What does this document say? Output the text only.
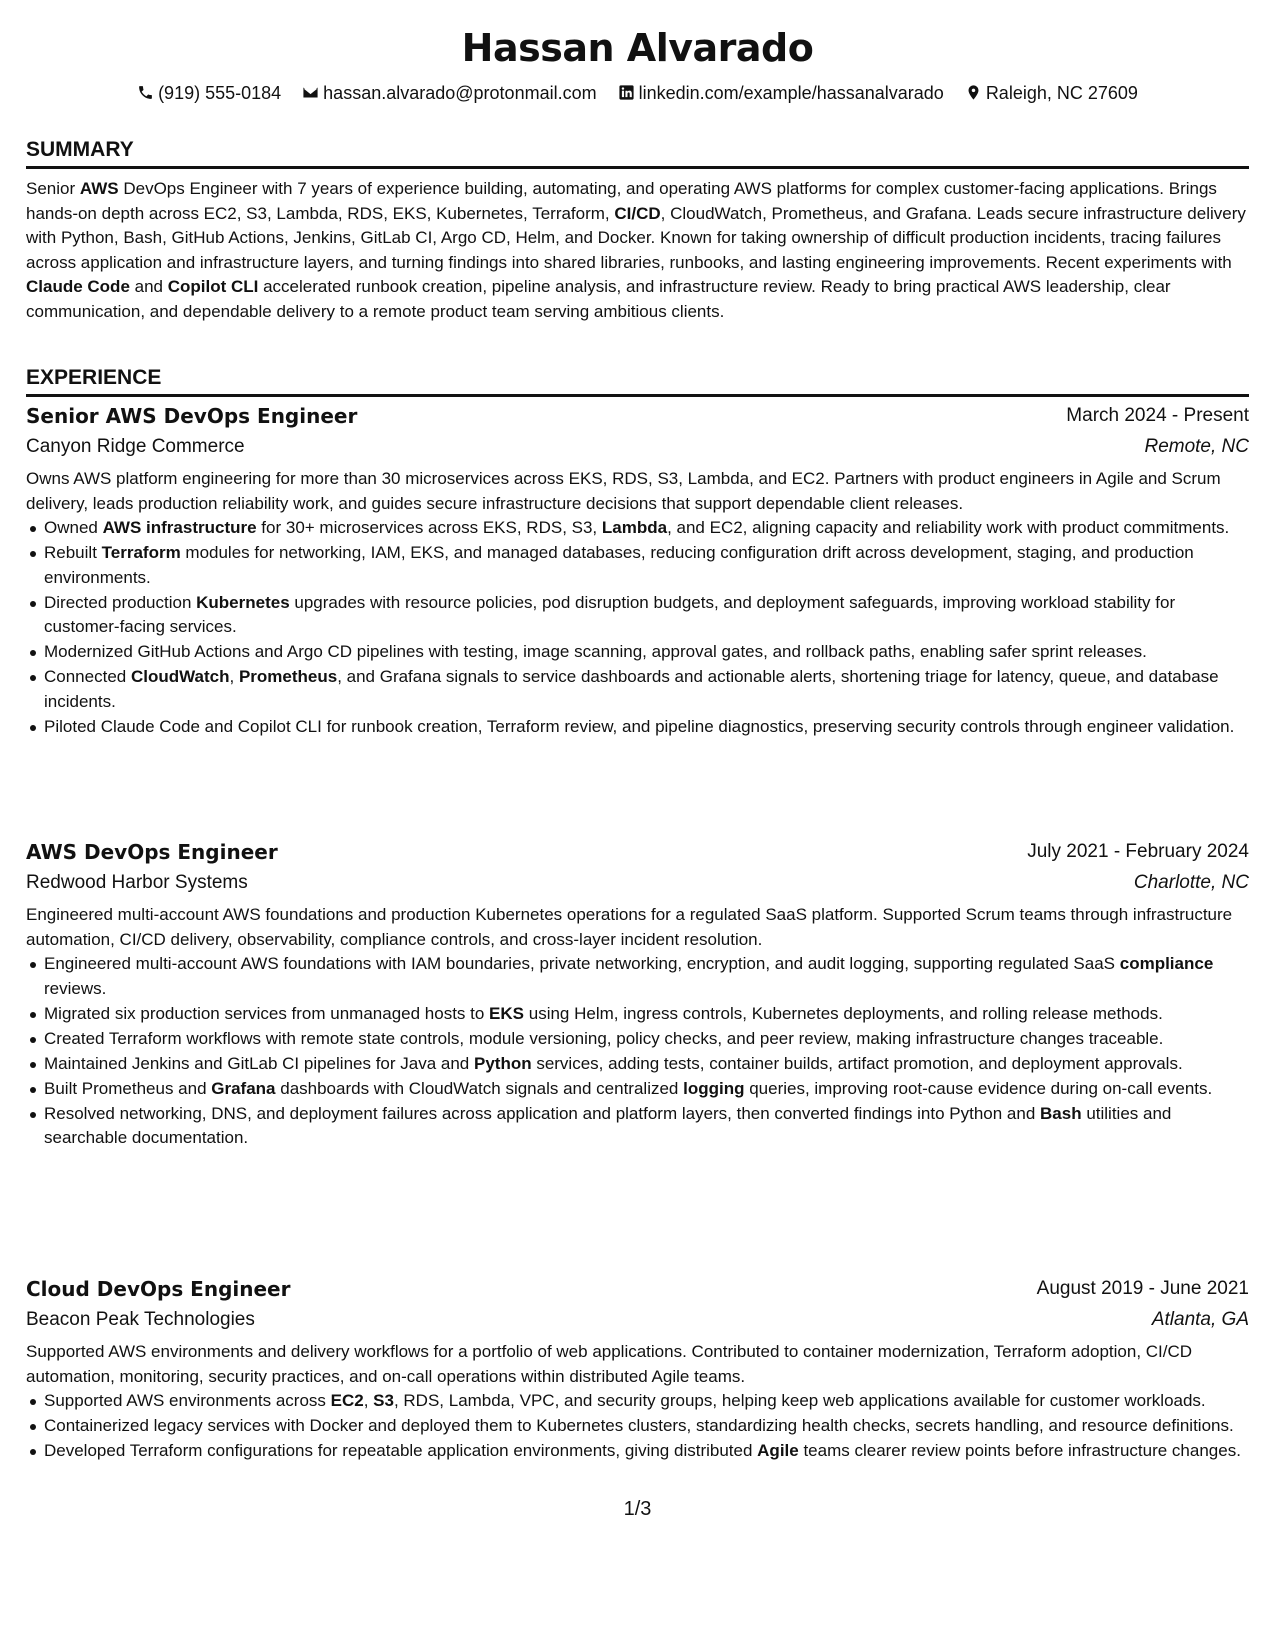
Hassan Alvarado
(919) 555-0184 hassan.alvarado@protonmail.com linkedin.com/example/hassanalvarado Raleigh, NC 27609
SUMMARY
Senior AWS DevOps Engineer with 7 years of experience building, automating, and operating AWS platforms for complex customer-facing applications. Brings hands-on depth across EC2, S3, Lambda, RDS, EKS, Kubernetes, Terraform, CI/CD, CloudWatch, Prometheus, and Grafana. Leads secure infrastructure delivery with Python, Bash, GitHub Actions, Jenkins, GitLab CI, Argo CD, Helm, and Docker. Known for taking ownership of difficult production incidents, tracing failures across application and infrastructure layers, and turning findings into shared libraries, runbooks, and lasting engineering improvements. Recent experiments with Claude Code and Copilot CLI accelerated runbook creation, pipeline analysis, and infrastructure review. Ready to bring practical AWS leadership, clear communication, and dependable delivery to a remote product team serving ambitious clients.
EXPERIENCE
Senior AWS DevOps Engineer	March 2024 - Present
Canyon Ridge Commerce	Remote, NC
Owns AWS platform engineering for more than 30 microservices across EKS, RDS, S3, Lambda, and EC2. Partners with product engineers in Agile and Scrum delivery, leads production reliability work, and guides secure infrastructure decisions that support dependable client releases.
Owned AWS infrastructure for 30+ microservices across EKS, RDS, S3, Lambda, and EC2, aligning capacity and reliability work with product commitments.
Rebuilt Terraform modules for networking, IAM, EKS, and managed databases, reducing configuration drift across development, staging, and production environments.
Directed production Kubernetes upgrades with resource policies, pod disruption budgets, and deployment safeguards, improving workload stability for customer-facing services.
Modernized GitHub Actions and Argo CD pipelines with testing, image scanning, approval gates, and rollback paths, enabling safer sprint releases.
Connected CloudWatch, Prometheus, and Grafana signals to service dashboards and actionable alerts, shortening triage for latency, queue, and database incidents.
Piloted Claude Code and Copilot CLI for runbook creation, Terraform review, and pipeline diagnostics, preserving security controls through engineer validation.
AWS DevOps Engineer	July 2021 - February 2024
Redwood Harbor Systems	Charlotte, NC
Engineered multi-account AWS foundations and production Kubernetes operations for a regulated SaaS platform. Supported Scrum teams through infrastructure automation, CI/CD delivery, observability, compliance controls, and cross-layer incident resolution.
Engineered multi-account AWS foundations with IAM boundaries, private networking, encryption, and audit logging, supporting regulated SaaS compliance reviews.
Migrated six production services from unmanaged hosts to EKS using Helm, ingress controls, Kubernetes deployments, and rolling release methods.
Created Terraform workflows with remote state controls, module versioning, policy checks, and peer review, making infrastructure changes traceable.
Maintained Jenkins and GitLab CI pipelines for Java and Python services, adding tests, container builds, artifact promotion, and deployment approvals.
Built Prometheus and Grafana dashboards with CloudWatch signals and centralized logging queries, improving root-cause evidence during on-call events.
Resolved networking, DNS, and deployment failures across application and platform layers, then converted findings into Python and Bash utilities and searchable documentation.
Cloud DevOps Engineer	August 2019 - June 2021
Beacon Peak Technologies	Atlanta, GA
Supported AWS environments and delivery workflows for a portfolio of web applications. Contributed to container modernization, Terraform adoption, CI/CD automation, monitoring, security practices, and on-call operations within distributed Agile teams.
Supported AWS environments across EC2, S3, RDS, Lambda, VPC, and security groups, helping keep web applications available for customer workloads.
Containerized legacy services with Docker and deployed them to Kubernetes clusters, standardizing health checks, secrets handling, and resource definitions.
Developed Terraform configurations for repeatable application environments, giving distributed Agile teams clearer review points before infrastructure changes.
1/3
